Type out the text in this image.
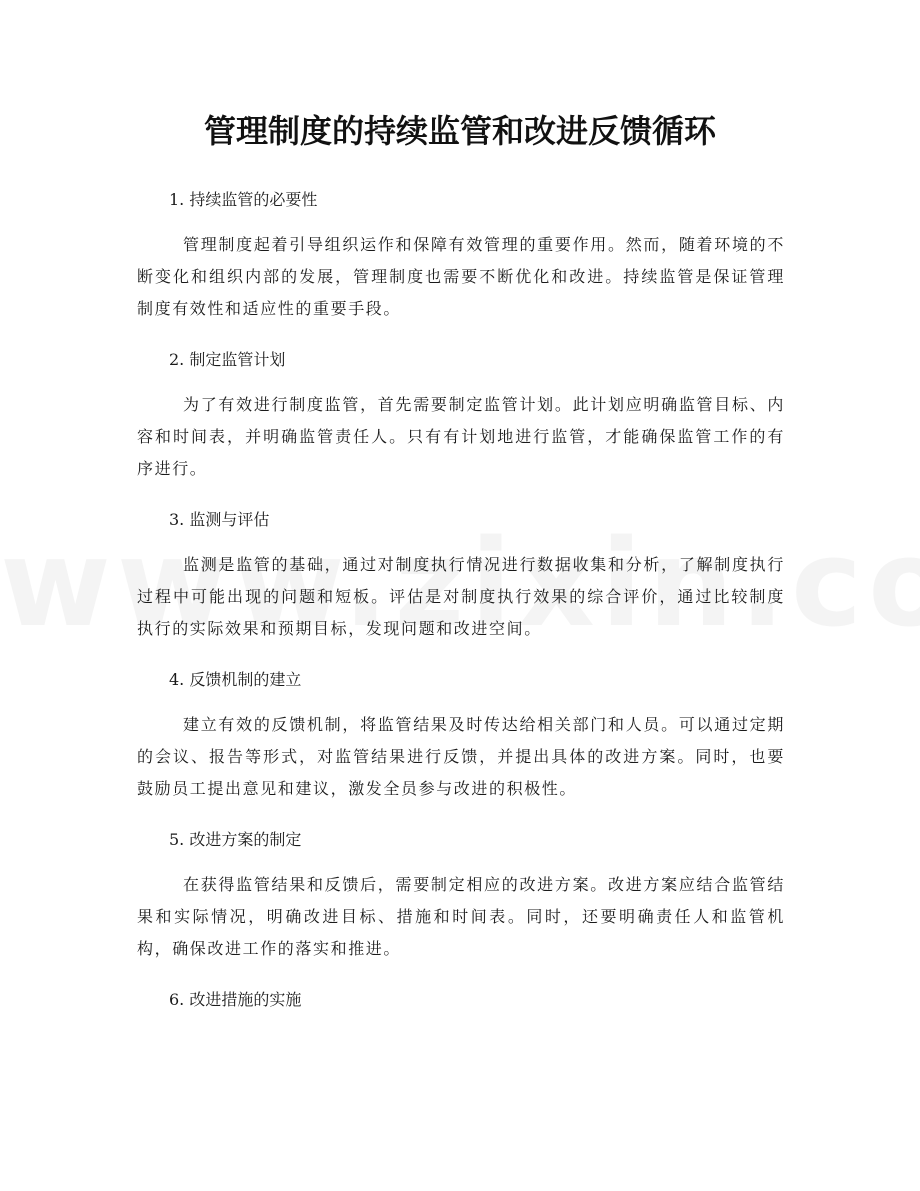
管理制度的持续监管和改进反馈循环

1. 持续监管的必要性

管理制度起着引导组织运作和保障有效管理的重要作用。然而，随着环境的不断变化和组织内部的发展，管理制度也需要不断优化和改进。持续监管是保证管理制度有效性和适应性的重要手段。

2. 制定监管计划

为了有效进行制度监管，首先需要制定监管计划。此计划应明确监管目标、内容和时间表，并明确监管责任人。只有有计划地进行监管，才能确保监管工作的有序进行。

3. 监测与评估

监测是监管的基础，通过对制度执行情况进行数据收集和分析，了解制度执行过程中可能出现的问题和短板。评估是对制度执行效果的综合评价，通过比较制度执行的实际效果和预期目标，发现问题和改进空间。

4. 反馈机制的建立

建立有效的反馈机制，将监管结果及时传达给相关部门和人员。可以通过定期的会议、报告等形式，对监管结果进行反馈，并提出具体的改进方案。同时，也要鼓励员工提出意见和建议，激发全员参与改进的积极性。

5. 改进方案的制定

在获得监管结果和反馈后，需要制定相应的改进方案。改进方案应结合监管结果和实际情况，明确改进目标、措施和时间表。同时，还要明确责任人和监管机构，确保改进工作的落实和推进。

6. 改进措施的实施
